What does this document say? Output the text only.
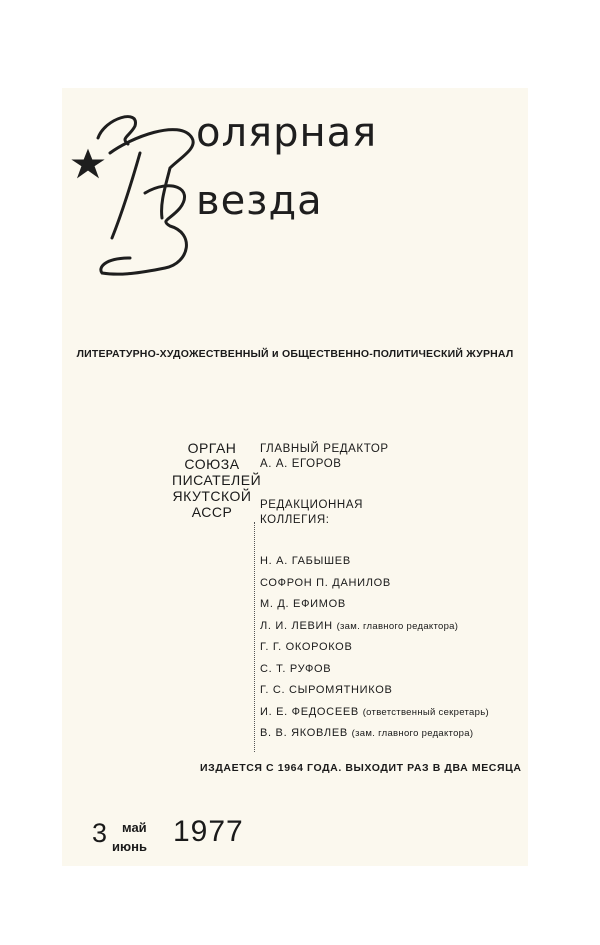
олярная
везда
ЛИТЕРАТУРНО-ХУДОЖЕСТВЕННЫЙ и ОБЩЕСТВЕННО-ПОЛИТИЧЕСКИЙ ЖУРНАЛ
ОРГАН
СОЮЗА
ПИСАТЕЛЕЙ
ЯКУТСКОЙ
АССР
ГЛАВНЫЙ РЕДАКТОР
А. А. ЕГОРОВ
РЕДАКЦИОННАЯ
КОЛЛЕГИЯ:
Н. А. ГАБЫШЕВ
СОФРОН П. ДАНИЛОВ
М. Д. ЕФИМОВ
Л. И. ЛЕВИН (зам. главного редактора)
Г. Г. ОКОРОКОВ
С. Т. РУФОВ
Г. С. СЫРОМЯТНИКОВ
И. Е. ФЕДОСЕЕВ (ответственный секретарь)
В. В. ЯКОВЛЕВ (зам. главного редактора)
ИЗДАЕТСЯ С 1964 ГОДА. ВЫХОДИТ РАЗ В ДВА МЕСЯЦА
3 май
июнь 1977
